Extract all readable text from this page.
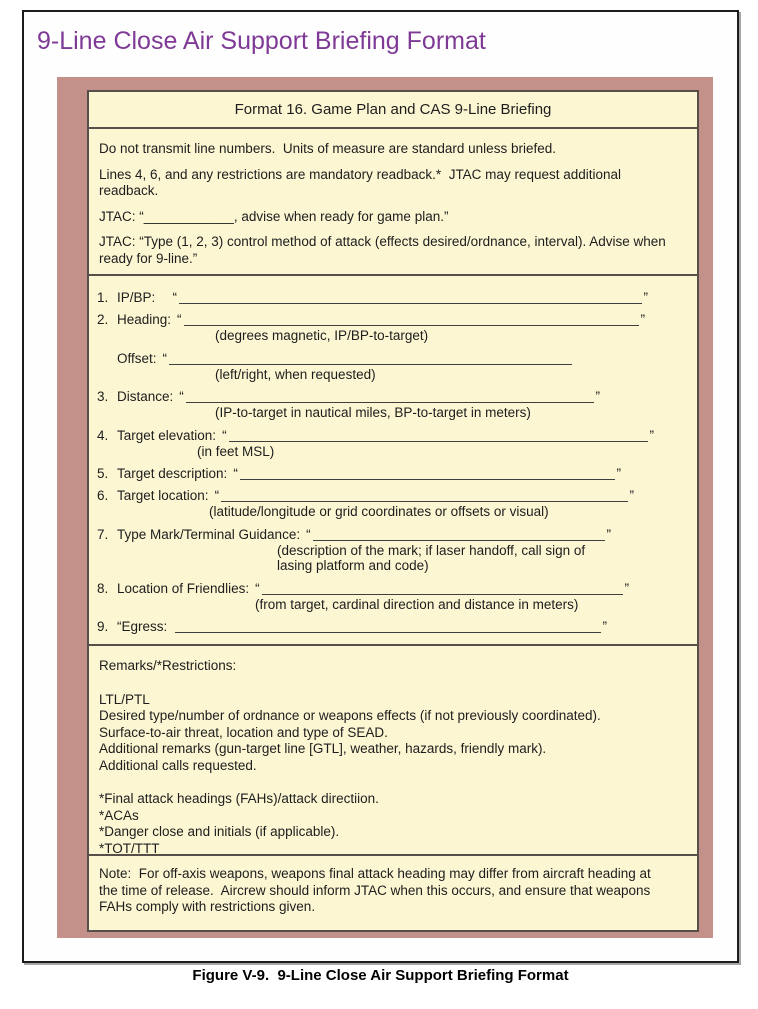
9-Line Close Air Support Briefing Format
Format 16. Game Plan and CAS 9-Line Briefing

Do not transmit line numbers.  Units of measure are standard unless briefed.

Lines 4, 6, and any restrictions are mandatory readback.*  JTAC may request additional readback.

JTAC: “____________, advise when ready for game plan.”

JTAC: “Type (1, 2, 3) control method of attack (effects desired/ordnance, interval). Advise when ready for 9-line.”

1. IP/BP: “	”
2. Heading: “	”
(degrees magnetic, IP/BP-to-target)
Offset: “
(left/right, when requested)
3. Distance: “	”
(IP-to-target in nautical miles, BP-to-target in meters)
4. Target elevation: “	”
(in feet MSL)
5. Target description: “	”
6. Target location: “	”
(latitude/longitude or grid coordinates or offsets or visual)
7. Type Mark/Terminal Guidance: “	”
(description of the mark; if laser handoff, call sign of lasing platform and code)
8. Location of Friendlies: “	”
(from target, cardinal direction and distance in meters)
9. “Egress:	”
Remarks/*Restrictions:
LTL/PTL
Desired type/number of ordnance or weapons effects (if not previously coordinated).
Surface-to-air threat, location and type of SEAD.
Additional remarks (gun-target line [GTL], weather, hazards, friendly mark).
Additional calls requested.
*Final attack headings (FAHs)/attack directiion.
*ACAs
*Danger close and initials (if applicable).
*TOT/TTT
Note:  For off-axis weapons, weapons final attack heading may differ from aircraft heading at the time of release.  Aircrew should inform JTAC when this occurs, and ensure that weapons FAHs comply with restrictions given.
Figure V-9.  9-Line Close Air Support Briefing Format
